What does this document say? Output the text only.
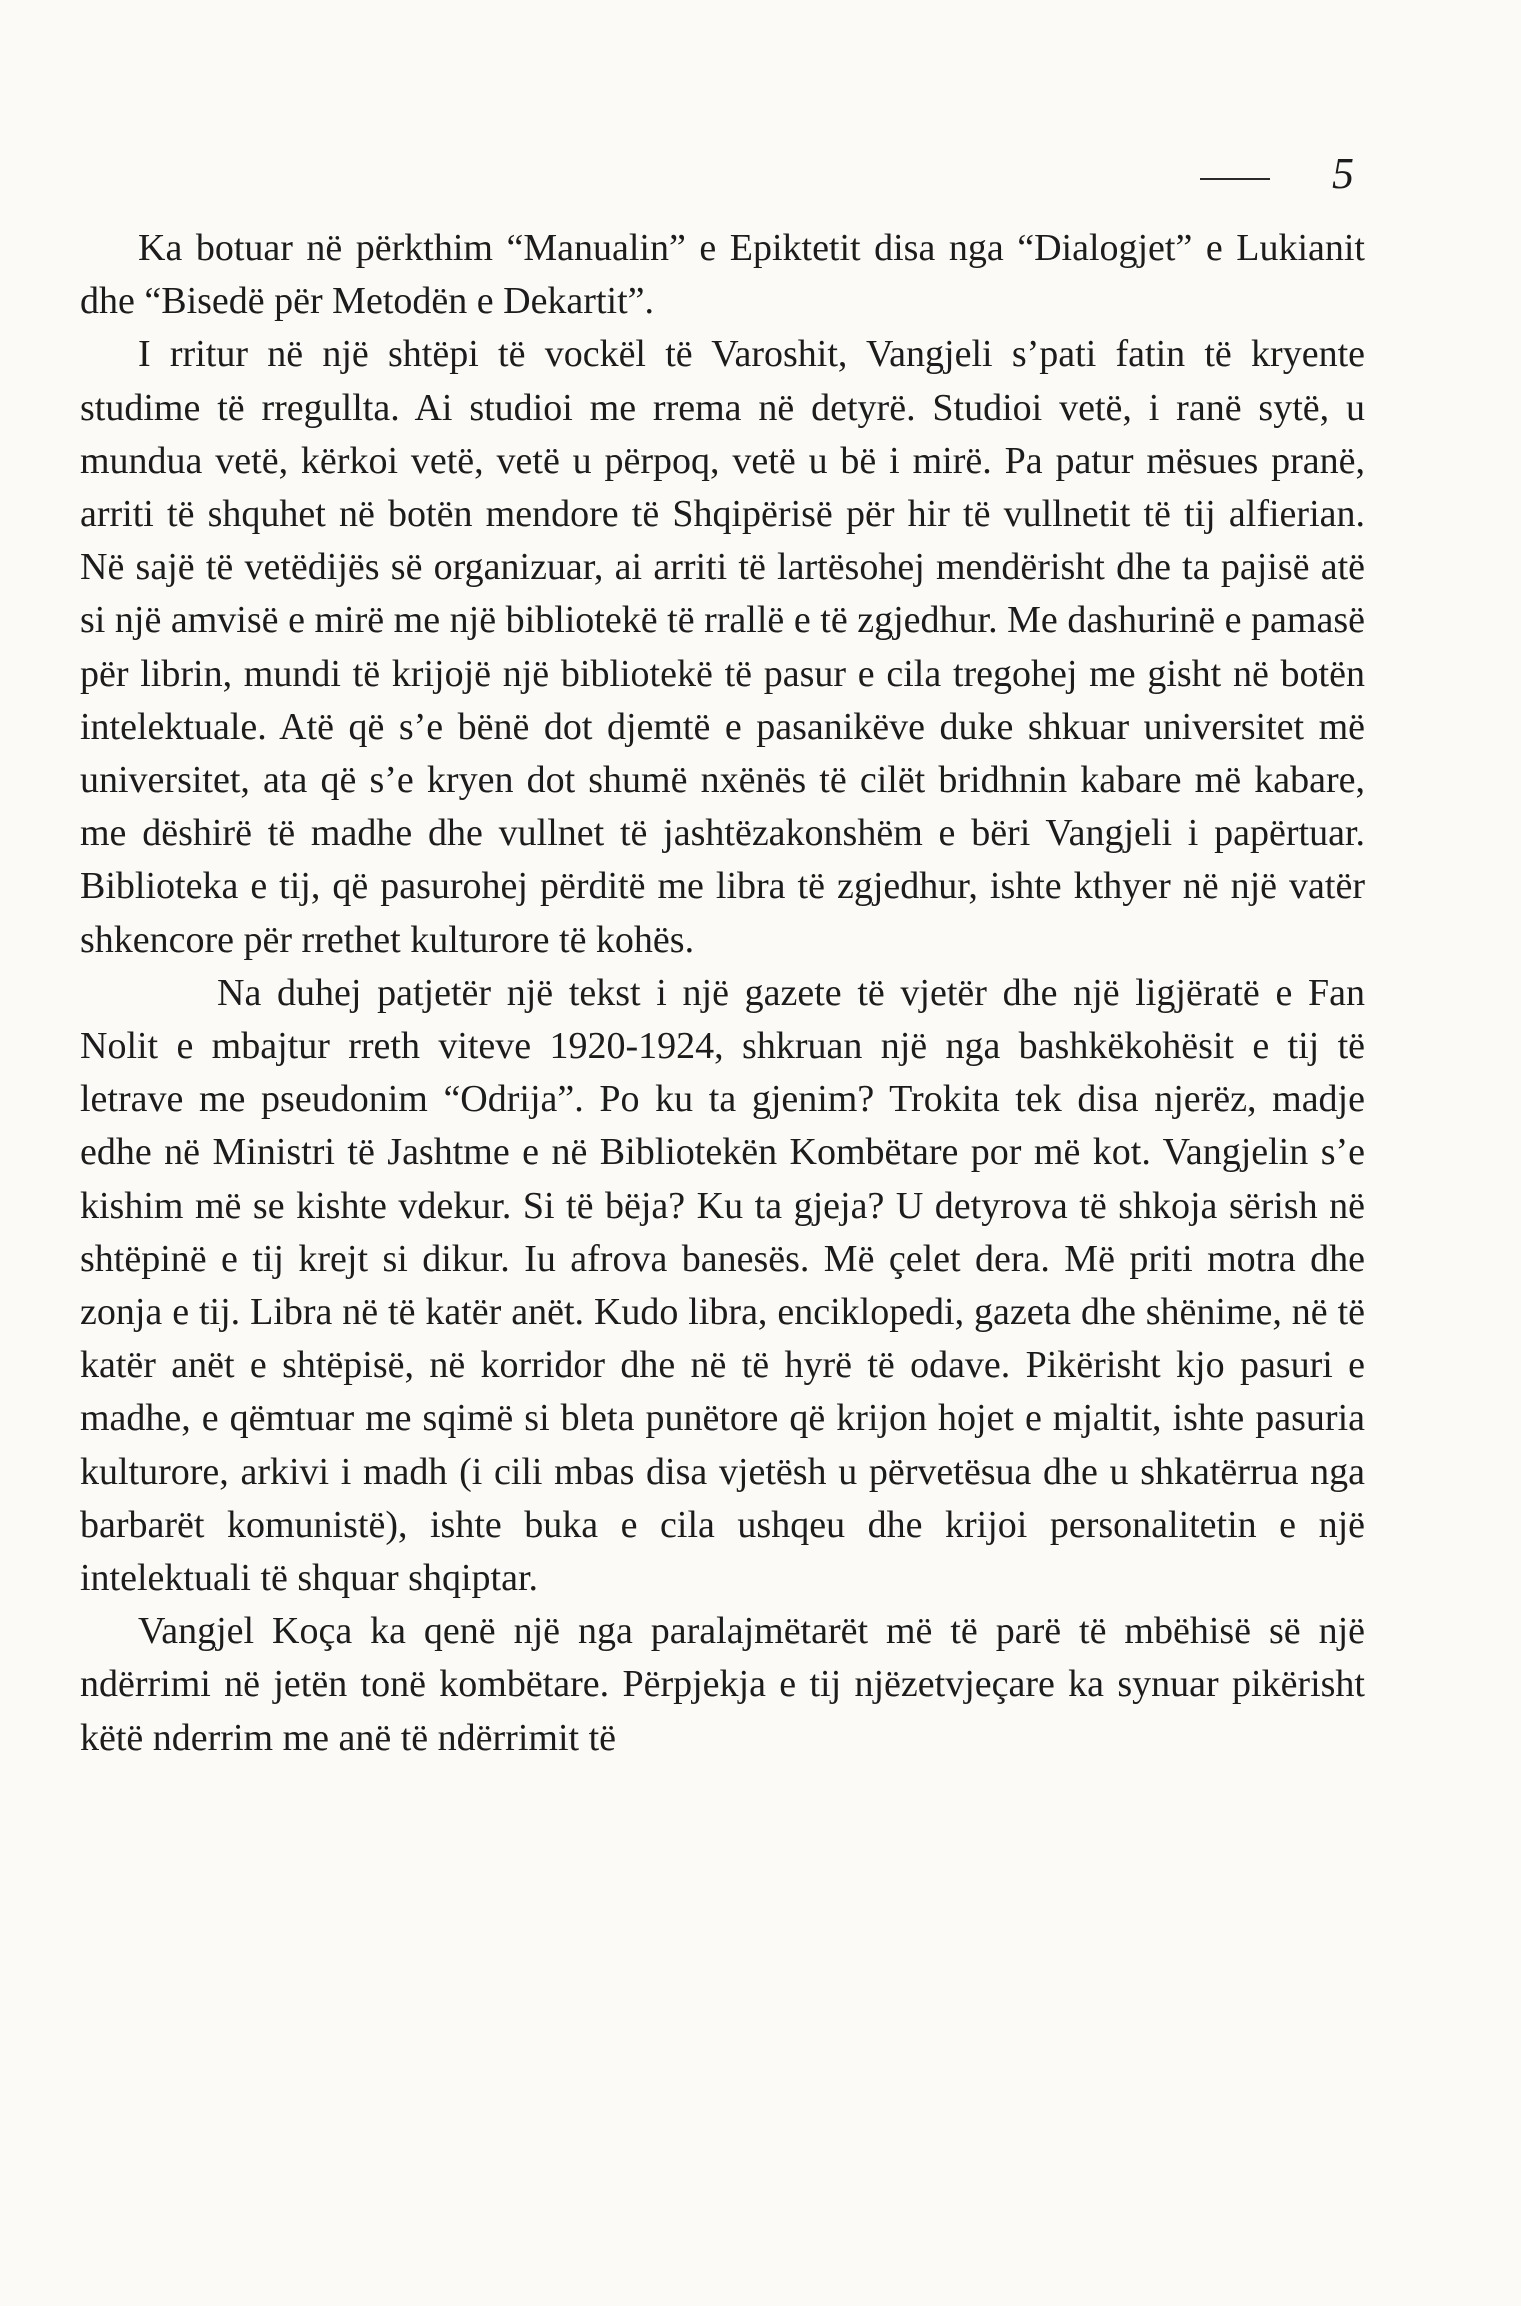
5

Ka botuar në përkthim “Manualin” e Epiktetit disa nga “Dialogjet” e Lukianit dhe “Bisedë për Metodën e Dekartit”.

I rritur në një shtëpi të vockël të Varoshit, Vangjeli s’pati fatin të kryente studime të rregullta. Ai studioi me rrema në detyrë. Studioi vetë, i ranë sytë, u mundua vetë, kërkoi vetë, vetë u përpoq, vetë u bë i mirë. Pa patur mësues pranë, arriti të shquhet në botën mendore të Shqipërisë për hir të vullnetit të tij alfierian. Në sajë të vetëdijës së organizuar, ai arriti të lartësohej mendërisht dhe ta pajisë atë si një amvisë e mirë me një bibliotekë të rrallë e të zgjedhur. Me dashurinë e pamasë për librin, mundi të krijojë një bibliotekë të pasur e cila tregohej me gisht në botën intelektuale. Atë që s’e bënë dot djemtë e pasanikëve duke shkuar universitet më universitet, ata që s’e kryen dot shumë nxënës të cilët bridhnin kabare më kabare, me dëshirë të madhe dhe vullnet të jashtëzakonshëm e bëri Vangjeli i papërtuar. Biblioteka e tij, që pasurohej përditë me libra të zgjedhur, ishte kthyer në një vatër shkencore për rrethet kulturore të kohës.

Na duhej patjetër një tekst i një gazete të vjetër dhe një ligjëratë e Fan Nolit e mbajtur rreth viteve 1920-1924, shkruan një nga bashkëkohësit e tij të letrave me pseudonim “Odrija”. Po ku ta gjenim? Trokita tek disa njerëz, madje edhe në Ministri të Jashtme e në Bibliotekën Kombëtare por më kot. Vangjelin s’e kishim më se kishte vdekur. Si të bëja? Ku ta gjeja? U detyrova të shkoja sërish në shtëpinë e tij krejt si dikur. Iu afrova banesës. Më çelet dera. Më priti motra dhe zonja e tij. Libra në të katër anët. Kudo libra, enciklopedi, gazeta dhe shënime, në të katër anët e shtëpisë, në korridor dhe në të hyrë të odave. Pikërisht kjo pasuri e madhe, e qëmtuar me sqimë si bleta punëtore që krijon hojet e mjaltit, ishte pasuria kulturore, arkivi i madh (i cili mbas disa vjetësh u përvetësua dhe u shkatërrua nga barbarët komunistë), ishte buka e cila ushqeu dhe krijoi personalitetin e një intelektuali të shquar shqiptar.

Vangjel Koça ka qenë një nga paralajmëtarët më të parë të mbëhisë së një ndërrimi në jetën tonë kombëtare. Përpjekja e tij njëzetvjeçare ka synuar pikërisht këtë nderrim me anë të ndërrimit të
